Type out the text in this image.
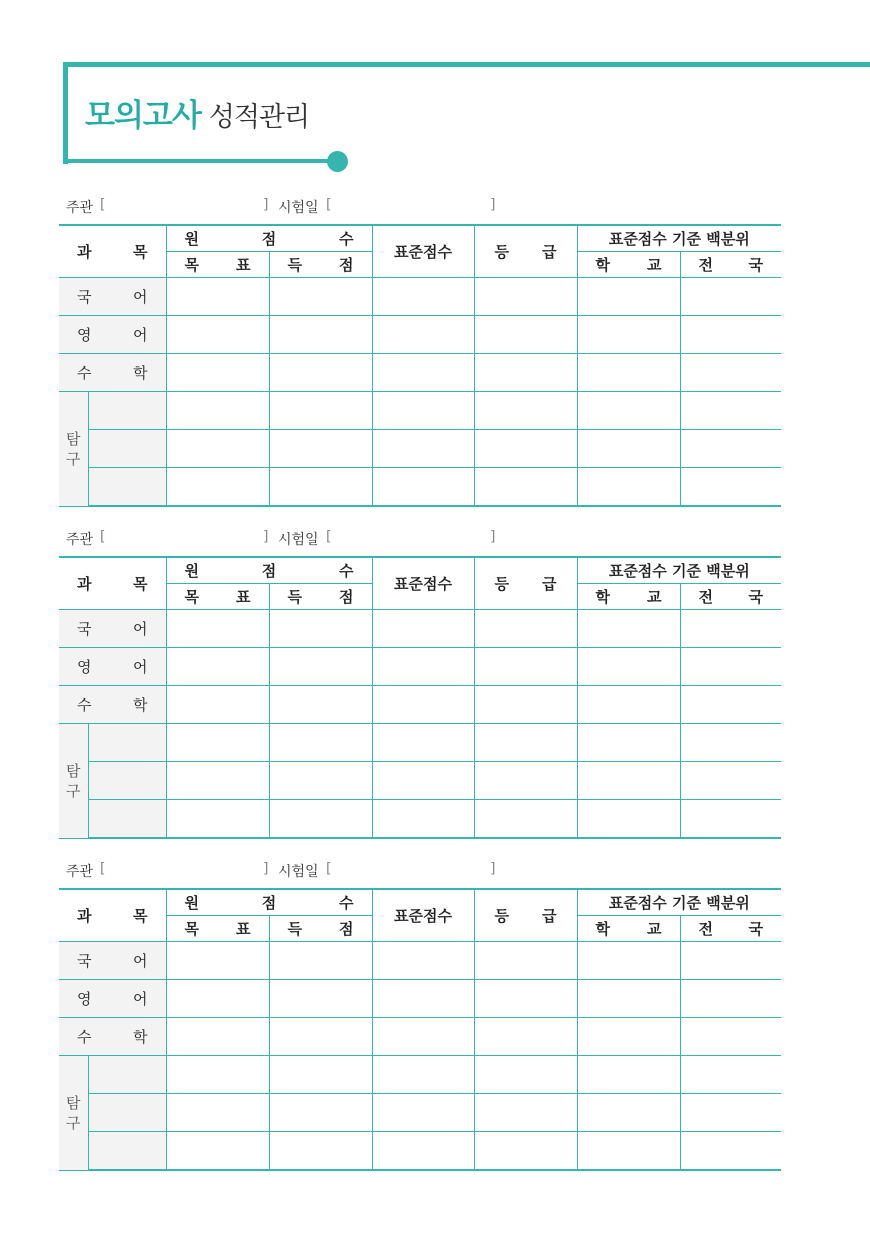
모의고사 성적관리
주관 [	] 시험일 [	]
과 목		원 점 수		표준점수	등 급	표준점수 기준 백분위	

		목 표	득 점			학 교	전 국

국 어							

영 어							

수 학							

탐
구							

주관 [	] 시험일 [	]
과 목		원 점 수		표준점수	등 급	표준점수 기준 백분위	

		목 표	득 점			학 교	전 국

국 어							

영 어							

수 학							

탐
구							

주관 [	] 시험일 [	]
과 목		원 점 수		표준점수	등 급	표준점수 기준 백분위	

		목 표	득 점			학 교	전 국

국 어							

영 어							

수 학							

탐
구							
